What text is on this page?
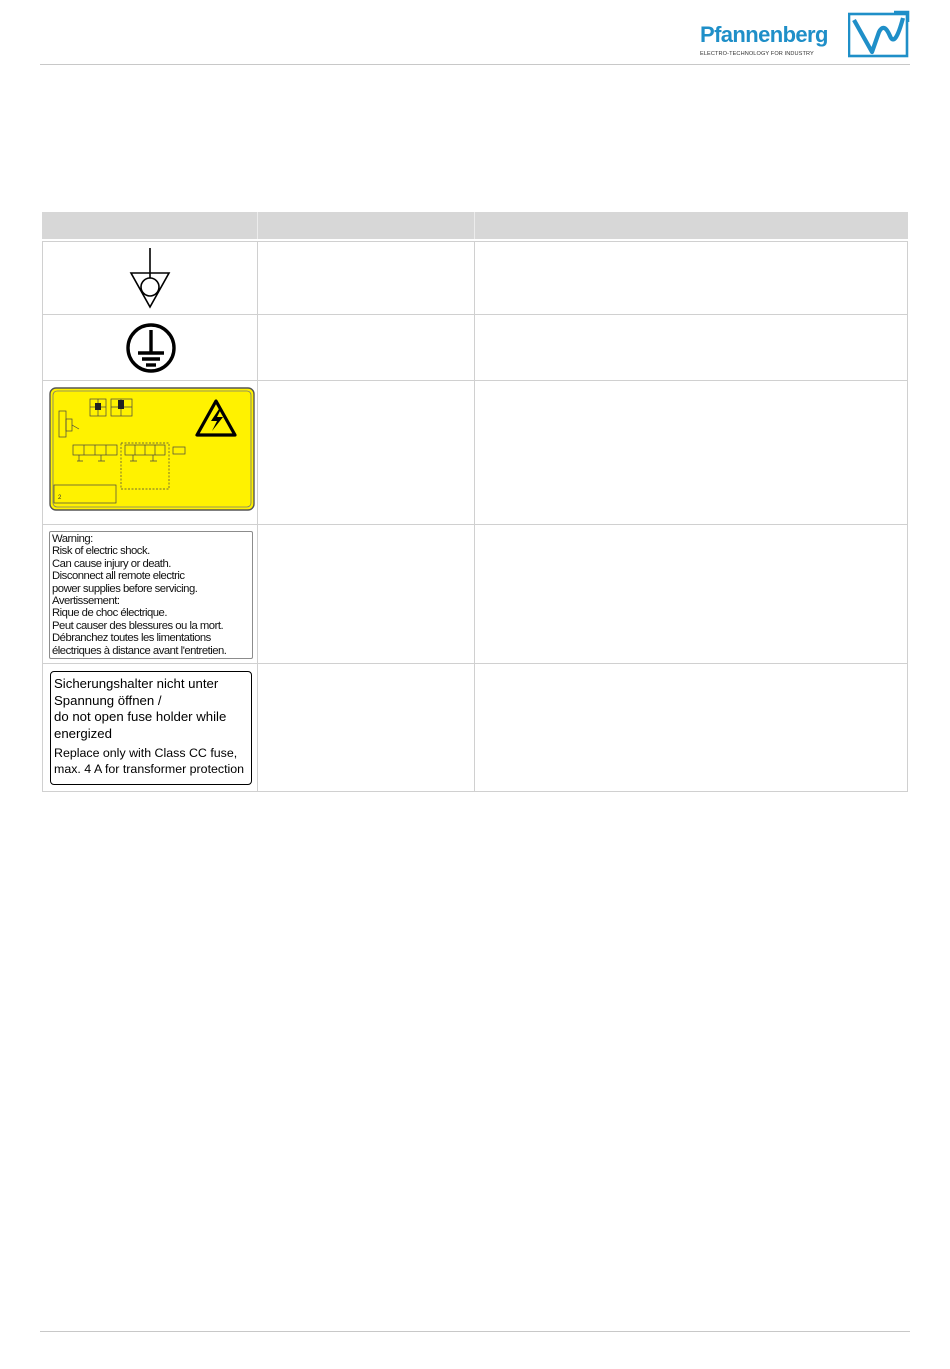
Pfannenberg
ELECTRO-TECHNOLOGY FOR INDUSTRY
2
Warning:
Risk of electric shock.
Can cause injury or death.
Disconnect all remote electric
power supplies before servicing.
Avertissement:
Rique de choc électrique.
Peut causer des blessures ou la mort.
Débranchez toutes les limentations
électriques à distance avant l'entretien.
Sicherungshalter nicht unter
Spannung öffnen /
do not open fuse holder while
energized
Replace only with Class CC fuse,
max. 4 A for transformer protection
